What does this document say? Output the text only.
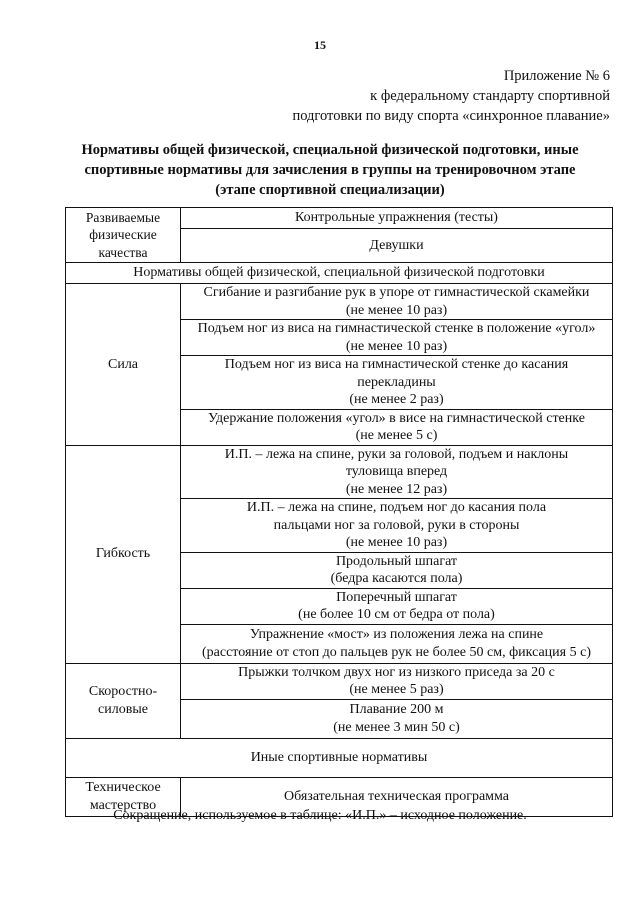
15
Приложение № 6
к федеральному стандарту спортивной
подготовки по виду спорта «синхронное плавание»
Нормативы общей физической, специальной физической подготовки, иные
спортивные нормативы для зачисления в группы на тренировочном этапе
(этапе спортивной специализации)
Развиваемые
физические
качества	Контрольные упражнения (тесты)
	Девушки
Нормативы общей физической, специальной физической подготовки	

Сила	Сгибание и разгибание рук в упоре от гимнастической скамейки
(не менее 10 раз)

	Подъем ног из виса на гимнастической стенке в положение «угол»
(не менее 10 раз)

	Подъем ног из виса на гимнастической стенке до касания
перекладины
(не менее 2 раз)

	Удержание положения «угол» в висе на гимнастической стенке
(не менее 5 с)

Гибкость	И.П. – лежа на спине, руки за головой, подъем и наклоны
туловища вперед
(не менее 12 раз)

	И.П. – лежа на спине, подъем ног до касания пола
пальцами ног за головой, руки в стороны
(не менее 10 раз)

	Продольный шпагат
(бедра касаются пола)

	Поперечный шпагат
(не более 10 см от бедра от пола)

	Упражнение «мост» из положения лежа на спине
(расстояние от стоп до пальцев рук не более 50 см, фиксация 5 с)

Скоростно-
силовые	Прыжки толчком двух ног из низкого приседа за 20 с
(не менее 5 раз)

	Плавание 200 м
(не менее 3 мин 50 с)

Иные спортивные нормативы	

Техническое
мастерство	Обязательная техническая программа
Сокращение, используемое в таблице: «И.П.» – исходное положение.
